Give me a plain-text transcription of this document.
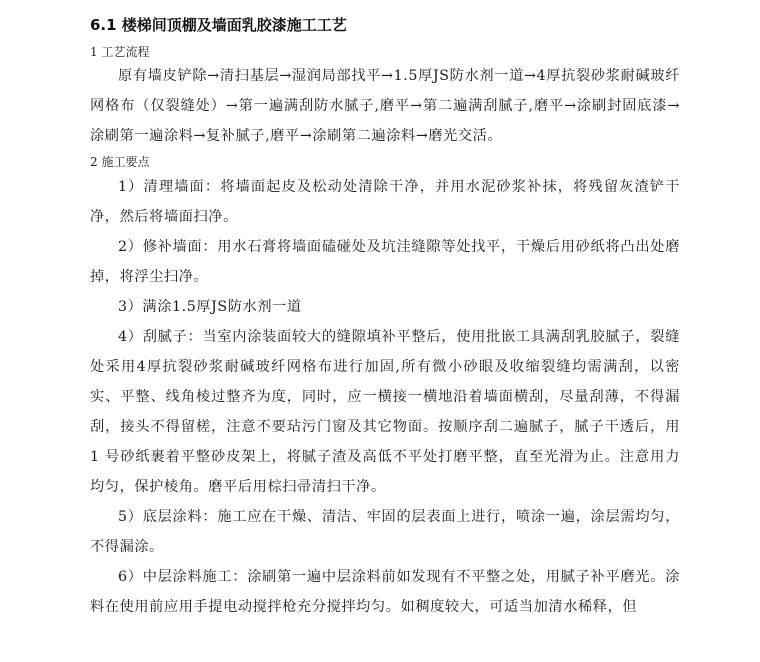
6.1 楼梯间顶棚及墙面乳胶漆施工工艺
1 工艺流程

原有墙皮铲除→清扫基层→湿润局部找平→1.5厚JS防水剂一道→4厚抗裂砂浆耐碱玻纤网格布（仅裂缝处）→第一遍满刮防水腻子,磨平→第二遍满刮腻子,磨平→涂刷封固底漆→涂刷第一遍涂料→复补腻子,磨平→涂刷第二遍涂料→磨光交活。

2 施工要点

1）清理墙面：将墙面起皮及松动处清除干净，并用水泥砂浆补抹，将残留灰渣铲干净，然后将墙面扫净。

2）修补墙面：用水石膏将墙面磕碰处及坑洼缝隙等处找平，干燥后用砂纸将凸出处磨掉，将浮尘扫净。

3）满涂1.5厚JS防水剂一道

4）刮腻子：当室内涂装面较大的缝隙填补平整后，使用批嵌工具满刮乳胶腻子，裂缝处采用4厚抗裂砂浆耐碱玻纤网格布进行加固,所有微小砂眼及收缩裂缝均需满刮，以密实、平整、线角棱过整齐为度，同时，应一横接一横地沿着墙面横刮，尽量刮薄，不得漏刮，接头不得留槎，注意不要玷污门窗及其它物面。按顺序刮二遍腻子，腻子干透后，用 1 号砂纸裹着平整砂皮架上，将腻子渣及高低不平处打磨平整，直至光滑为止。注意用力均匀，保护棱角。磨平后用棕扫帚清扫干净。

5）底层涂料：施工应在干燥、清洁、牢固的层表面上进行，喷涂一遍，涂层需均匀，不得漏涂。

6）中层涂料施工：涂刷第一遍中层涂料前如发现有不平整之处，用腻子补平磨光。涂料在使用前应用手提电动搅拌枪充分搅拌均匀。如稠度较大，可适当加清水稀释，但
